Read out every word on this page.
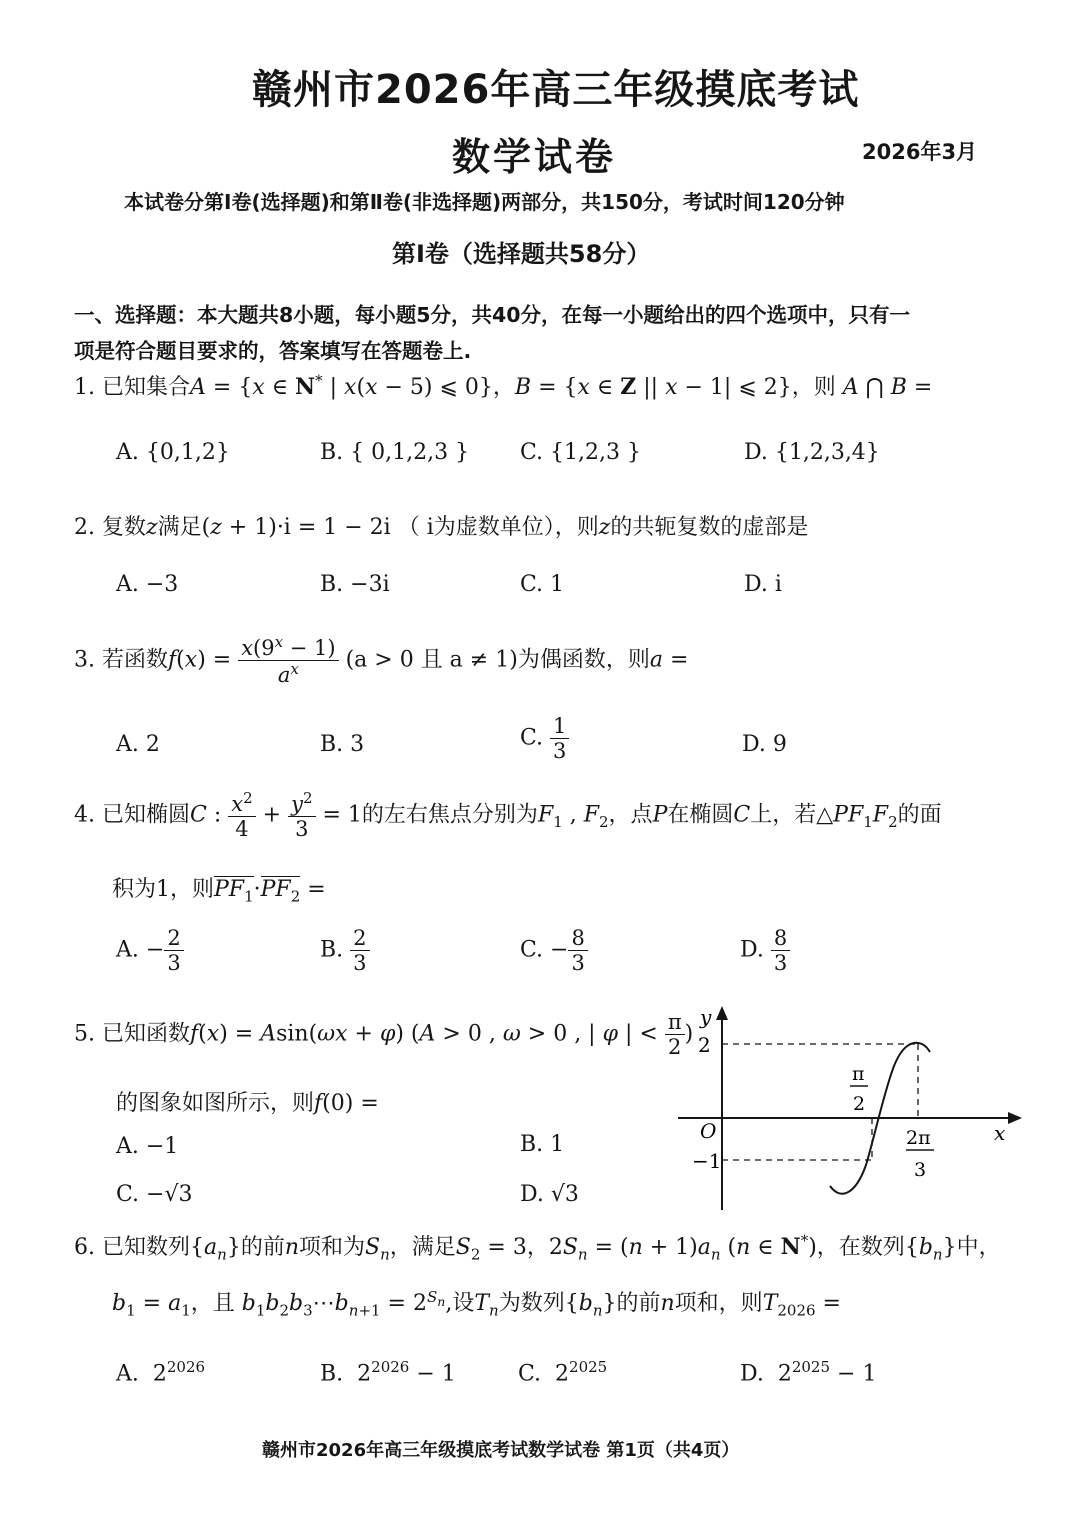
赣州市2026年高三年级摸底考试
数学试卷	2026年3月
本试卷分第Ⅰ卷(选择题)和第Ⅱ卷(非选择题)两部分，共150分，考试时间120分钟
第Ⅰ卷（选择题共58分）
一、选择题：本大题共8小题，每小题5分，共40分，在每一小题给出的四个选项中，只有一
项是符合题目要求的，答案填写在答题卷上.
1. 已知集合A = {x ∈ N* | x(x − 5) ⩽ 0}，B = {x ∈ Z || x − 1| ⩽ 2}，则 A ⋂ B =
A. {0,1,2}	B. { 0,1,2,3 } C. {1,2,3 }	D. {1,2,3,4}
2. 复数z满足(z + 1)·i = 1 − 2i （ i为虚数单位），则z的共轭复数的虚部是
A. −3	B. −3i	C. 1	D. i
3. 若函数$f(x) = \frac{x(9^x - 1)}{a^x} (a > 0$ 且 a ≠ 1)为偶函数，则a =
A. 2	B. 3	C. $\frac{1}{3}$	D. 9
4. 已知椭圆C : $\frac{x^2}{4} + \frac{y^2}{3} = 1$的左右焦点分别为$F_1$ , $F_2$，点P在椭圆C上，若$\triangle PF_1F_2$的面
积为1，则$PF_1\cdot PF_2$ =
A. − $\frac{2}{3}$	B. $\frac{2}{3}$	C. − $\frac{8}{3}$	D. $\frac{8}{3}$
5. 已知函数f(x) = Asin(ωx + φ) (A > 0 , ω > 0 , | φ | < $\frac{\pi}{2}$ )
的图象如图所示，则f(0) =
A. −1	B. 1
C. −√3	D. √3
y
x
O
2
−1
π
2
2π
3
6. 已知数列$\{a_n\}$的前n项和为$S_n$，满足$S_2 = 3$，$2S_n = (n + 1)a_n$ (n ∈ N*)，在数列$\{b_n\}$中，
$b_1 = a_1$，且 $b_1b_2b_3\cdots b_{n+1} = 2^{S_n}$,设$T_n$为数列$\{b_n\}$的前n项和，则$T_{2026}$ =
A.  $2^{2026}$	B.  $2^{2026} - 1$	C.  $2^{2025}$	D.  $2^{2025} - 1$
赣州市2026年高三年级摸底考试数学试卷 第1页（共4页）
